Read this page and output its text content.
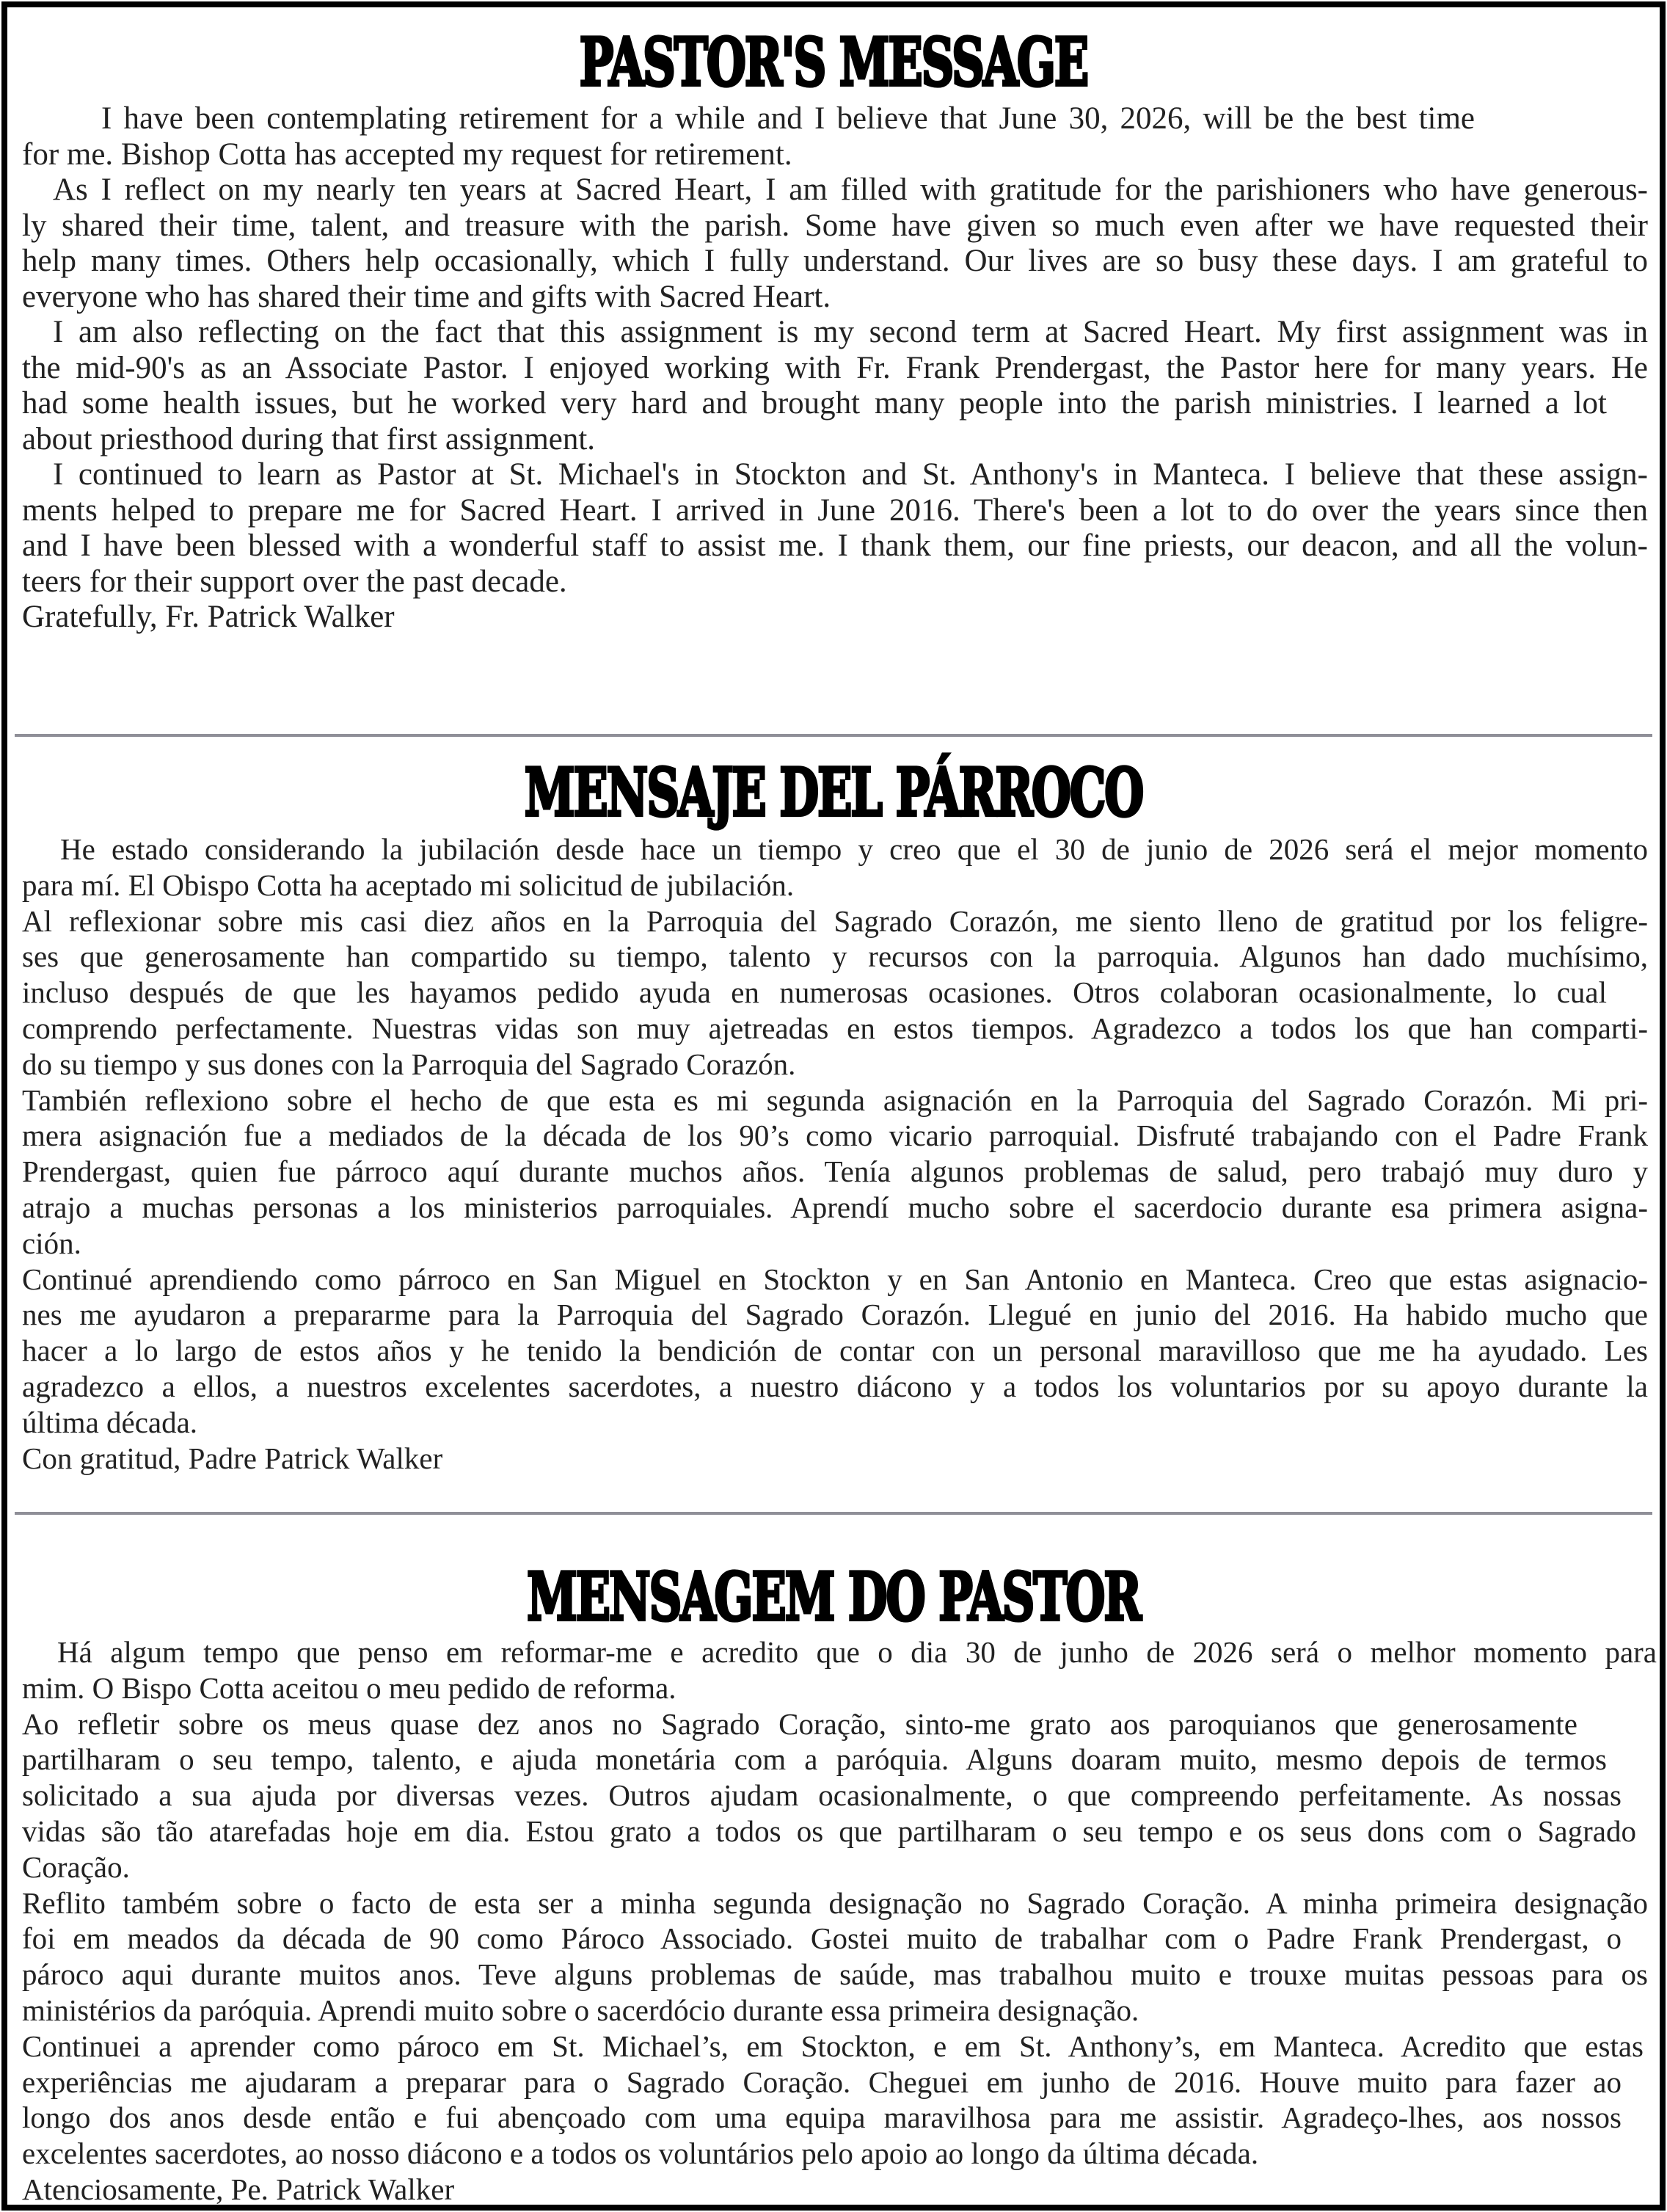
PASTOR'S MESSAGE
I have been contemplating retirement for a while and I believe that June 30, 2026, will be the best time
for me. Bishop Cotta has accepted my request for retirement.
As I reflect on my nearly ten years at Sacred Heart, I am filled with gratitude for the parishioners who have generous-
ly shared their time, talent, and treasure with the parish. Some have given so much even after we have requested their
help many times. Others help occasionally, which I fully understand. Our lives are so busy these days. I am grateful to
everyone who has shared their time and gifts with Sacred Heart.
I am also reflecting on the fact that this assignment is my second term at Sacred Heart. My first assignment was in
the mid-90's as an Associate Pastor. I enjoyed working with Fr. Frank Prendergast, the Pastor here for many years. He
had some health issues, but he worked very hard and brought many people into the parish ministries. I learned a lot
about priesthood during that first assignment.
I continued to learn as Pastor at St. Michael's in Stockton and St. Anthony's in Manteca. I believe that these assign-
ments helped to prepare me for Sacred Heart. I arrived in June 2016. There's been a lot to do over the years since then
and I have been blessed with a wonderful staff to assist me. I thank them, our fine priests, our deacon, and all the volun-
teers for their support over the past decade.
Gratefully, Fr. Patrick Walker
MENSAJE DEL PÁRROCO
He estado considerando la jubilación desde hace un tiempo y creo que el 30 de junio de 2026 será el mejor momento
para mí. El Obispo Cotta ha aceptado mi solicitud de jubilación.
Al reflexionar sobre mis casi diez años en la Parroquia del Sagrado Corazón, me siento lleno de gratitud por los feligre-
ses que generosamente han compartido su tiempo, talento y recursos con la parroquia. Algunos han dado muchísimo,
incluso después de que les hayamos pedido ayuda en numerosas ocasiones. Otros colaboran ocasionalmente, lo cual
comprendo perfectamente. Nuestras vidas son muy ajetreadas en estos tiempos. Agradezco a todos los que han comparti-
do su tiempo y sus dones con la Parroquia del Sagrado Corazón.
También reflexiono sobre el hecho de que esta es mi segunda asignación en la Parroquia del Sagrado Corazón. Mi pri-
mera asignación fue a mediados de la década de los 90’s como vicario parroquial. Disfruté trabajando con el Padre Frank
Prendergast, quien fue párroco aquí durante muchos años. Tenía algunos problemas de salud, pero trabajó muy duro y
atrajo a muchas personas a los ministerios parroquiales. Aprendí mucho sobre el sacerdocio durante esa primera asigna-
ción.
Continué aprendiendo como párroco en San Miguel en Stockton y en San Antonio en Manteca. Creo que estas asignacio-
nes me ayudaron a prepararme para la Parroquia del Sagrado Corazón. Llegué en junio del 2016. Ha habido mucho que
hacer a lo largo de estos años y he tenido la bendición de contar con un personal maravilloso que me ha ayudado. Les
agradezco a ellos, a nuestros excelentes sacerdotes, a nuestro diácono y a todos los voluntarios por su apoyo durante la
última década.
Con gratitud, Padre Patrick Walker
MENSAGEM DO PASTOR
Há algum tempo que penso em reformar-me e acredito que o dia 30 de junho de 2026 será o melhor momento para
mim. O Bispo Cotta aceitou o meu pedido de reforma.
Ao refletir sobre os meus quase dez anos no Sagrado Coração, sinto-me grato aos paroquianos que generosamente
partilharam o seu tempo, talento, e ajuda monetária com a paróquia. Alguns doaram muito, mesmo depois de termos
solicitado a sua ajuda por diversas vezes. Outros ajudam ocasionalmente, o que compreendo perfeitamente. As nossas
vidas são tão atarefadas hoje em dia. Estou grato a todos os que partilharam o seu tempo e os seus dons com o Sagrado
Coração.
Reflito também sobre o facto de esta ser a minha segunda designação no Sagrado Coração. A minha primeira designação
foi em meados da década de 90 como Pároco Associado. Gostei muito de trabalhar com o Padre Frank Prendergast, o
pároco aqui durante muitos anos. Teve alguns problemas de saúde, mas trabalhou muito e trouxe muitas pessoas para os
ministérios da paróquia. Aprendi muito sobre o sacerdócio durante essa primeira designação.
Continuei a aprender como pároco em St. Michael’s, em Stockton, e em St. Anthony’s, em Manteca. Acredito que estas
experiências me ajudaram a preparar para o Sagrado Coração. Cheguei em junho de 2016. Houve muito para fazer ao
longo dos anos desde então e fui abençoado com uma equipa maravilhosa para me assistir. Agradeço-lhes, aos nossos
excelentes sacerdotes, ao nosso diácono e a todos os voluntários pelo apoio ao longo da última década.
Atenciosamente, Pe. Patrick Walker
